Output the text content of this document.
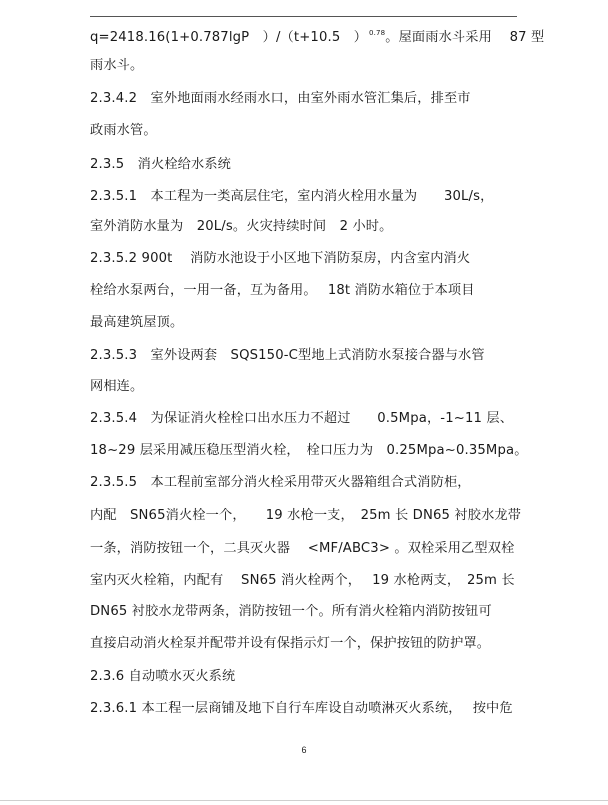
q=2418.16(1+0.787lgP　）/（t+10.5　） $^{0.78}$。屋面雨水斗采用　 87 型
雨水斗。
2.3.4.2　室外地面雨水经雨水口，由室外雨水管汇集后，排至市
政雨水管。
2.3.5　消火栓给水系统
2.3.5.1　本工程为一类高层住宅，室内消火栓用水量为　　30L/s，
室外消防水量为　20L/s。火灾持续时间　2 小时。
2.3.5.2 900t　 消防水池设于小区地下消防泵房，内含室内消火
栓给水泵两台，一用一备，互为备用。　 18t 消防水箱位于本项目
最高建筑屋顶。
2.3.5.3　室外设两套　SQS150-C型地上式消防水泵接合器与水管
网相连。
2.3.5.4　为保证消火栓栓口出水压力不超过　　0.5Mpa，-1~11 层、
18~29 层采用减压稳压型消火栓，　栓口压力为　0.25Mpa~0.35Mpa。
2.3.5.5　本工程前室部分消火栓采用带灭火器箱组合式消防柜，
内配　SN65消火栓一个，　　19 水枪一支，　25m 长 DN65 衬胶水龙带
一条，消防按钮一个，二具灭火器　 <MF/ABC3> 。双栓采用乙型双栓
室内灭火栓箱，内配有　 SN65 消火栓两个，　 19 水枪两支，　25m 长
DN65 衬胶水龙带两条，消防按钮一个。所有消火栓箱内消防按钮可
直接启动消火栓泵并配带并设有保指示灯一个，保护按钮的防护罩。
2.3.6 自动喷水灭火系统
2.3.6.1 本工程一层商铺及地下自行车库设自动喷淋灭火系统，　 按中危
6
